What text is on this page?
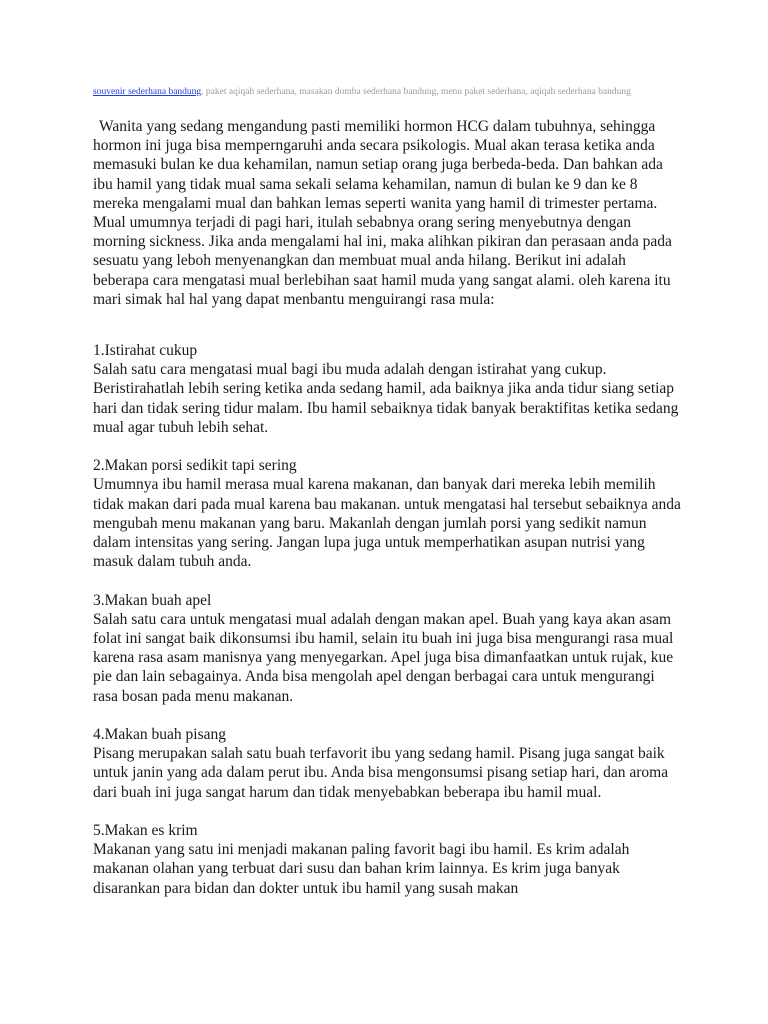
souvenir sederhana bandung, paket aqiqah sederhana, masakan domba sederhana bandung, menu paket sederhana, aqiqah sederhana bandung

Wanita yang sedang mengandung pasti memiliki hormon HCG dalam tubuhnya, sehingga hormon ini juga bisa memperngaruhi anda secara psikologis. Mual akan terasa ketika anda memasuki bulan ke dua kehamilan, namun setiap orang juga berbeda-beda. Dan bahkan ada ibu hamil yang tidak mual sama sekali selama kehamilan, namun di bulan ke 9 dan ke 8 mereka mengalami mual dan bahkan lemas seperti wanita yang hamil di trimester pertama. Mual umumnya terjadi di pagi hari, itulah sebabnya orang sering menyebutnya dengan morning sickness. Jika anda mengalami hal ini, maka alihkan pikiran dan perasaan anda pada sesuatu yang leboh menyenangkan dan membuat mual anda hilang. Berikut ini adalah beberapa cara mengatasi mual berlebihan saat hamil muda yang sangat alami. oleh karena itu mari simak hal hal yang dapat menbantu menguirangi rasa mula:

1.Istirahat cukup
Salah satu cara mengatasi mual bagi ibu muda adalah dengan istirahat yang cukup. Beristirahatlah lebih sering ketika anda sedang hamil, ada baiknya jika anda tidur siang setiap hari dan tidak sering tidur malam. Ibu hamil sebaiknya tidak banyak beraktifitas ketika sedang mual agar tubuh lebih sehat.
2.Makan porsi sedikit tapi sering
Umumnya ibu hamil merasa mual karena makanan, dan banyak dari mereka lebih memilih tidak makan dari pada mual karena bau makanan. untuk mengatasi hal tersebut sebaiknya anda mengubah menu makanan yang baru. Makanlah dengan jumlah porsi yang sedikit namun dalam intensitas yang sering. Jangan lupa juga untuk memperhatikan asupan nutrisi yang masuk dalam tubuh anda.
3.Makan buah apel
Salah satu cara untuk mengatasi mual adalah dengan makan apel. Buah yang kaya akan asam folat ini sangat baik dikonsumsi ibu hamil, selain itu buah ini juga bisa mengurangi rasa mual karena rasa asam manisnya yang menyegarkan. Apel juga bisa dimanfaatkan untuk rujak, kue pie dan lain sebagainya. Anda bisa mengolah apel dengan berbagai cara untuk mengurangi rasa bosan pada menu makanan.
4.Makan buah pisang
Pisang merupakan salah satu buah terfavorit ibu yang sedang hamil. Pisang juga sangat baik untuk janin yang ada dalam perut ibu. Anda bisa mengonsumsi pisang setiap hari, dan aroma dari buah ini juga sangat harum dan tidak menyebabkan beberapa ibu hamil mual.
5.Makan es krim
Makanan yang satu ini menjadi makanan paling favorit bagi ibu hamil. Es krim adalah makanan olahan yang terbuat dari susu dan bahan krim lainnya. Es krim juga banyak disarankan para bidan dan dokter untuk ibu hamil yang susah makan
